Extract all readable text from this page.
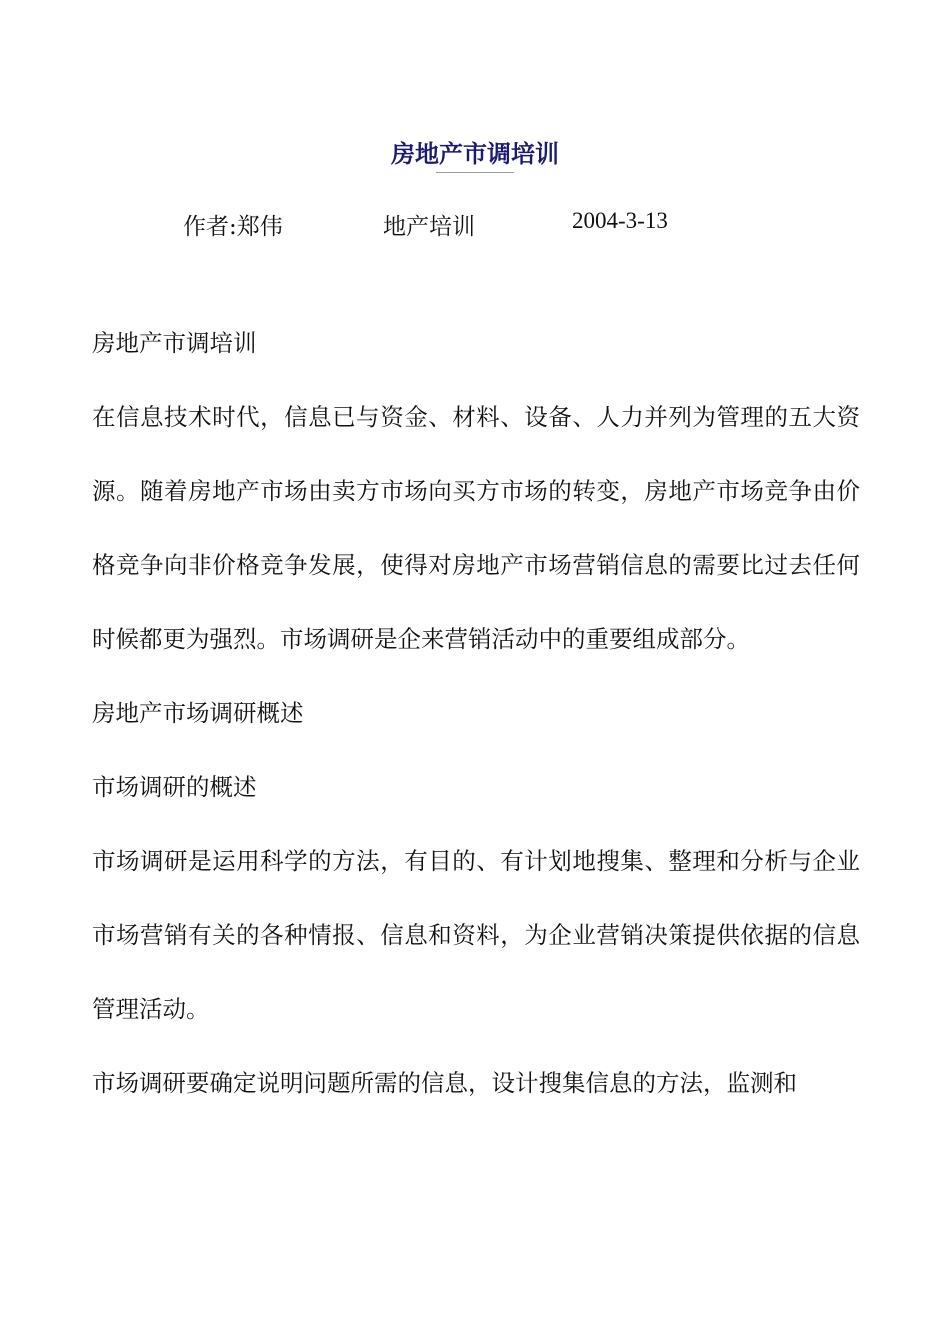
房地产市调培训
作者:郑伟	地产培训	2004-3-13

房地产市调培训

在信息技术时代，信息已与资金、材料、设备、人力并列为管理的五大资源。随着房地产市场由卖方市场向买方市场的转变，房地产市场竞争由价格竞争向非价格竞争发展，使得对房地产市场营销信息的需要比过去任何时候都更为强烈。市场调研是企来营销活动中的重要组成部分。

房地产市场调研概述

市场调研的概述

市场调研是运用科学的方法，有目的、有计划地搜集、整理和分析与企业市场营销有关的各种情报、信息和资料，为企业营销决策提供依据的信息管理活动。

市场调研要确定说明问题所需的信息，设计搜集信息的方法，监测和
